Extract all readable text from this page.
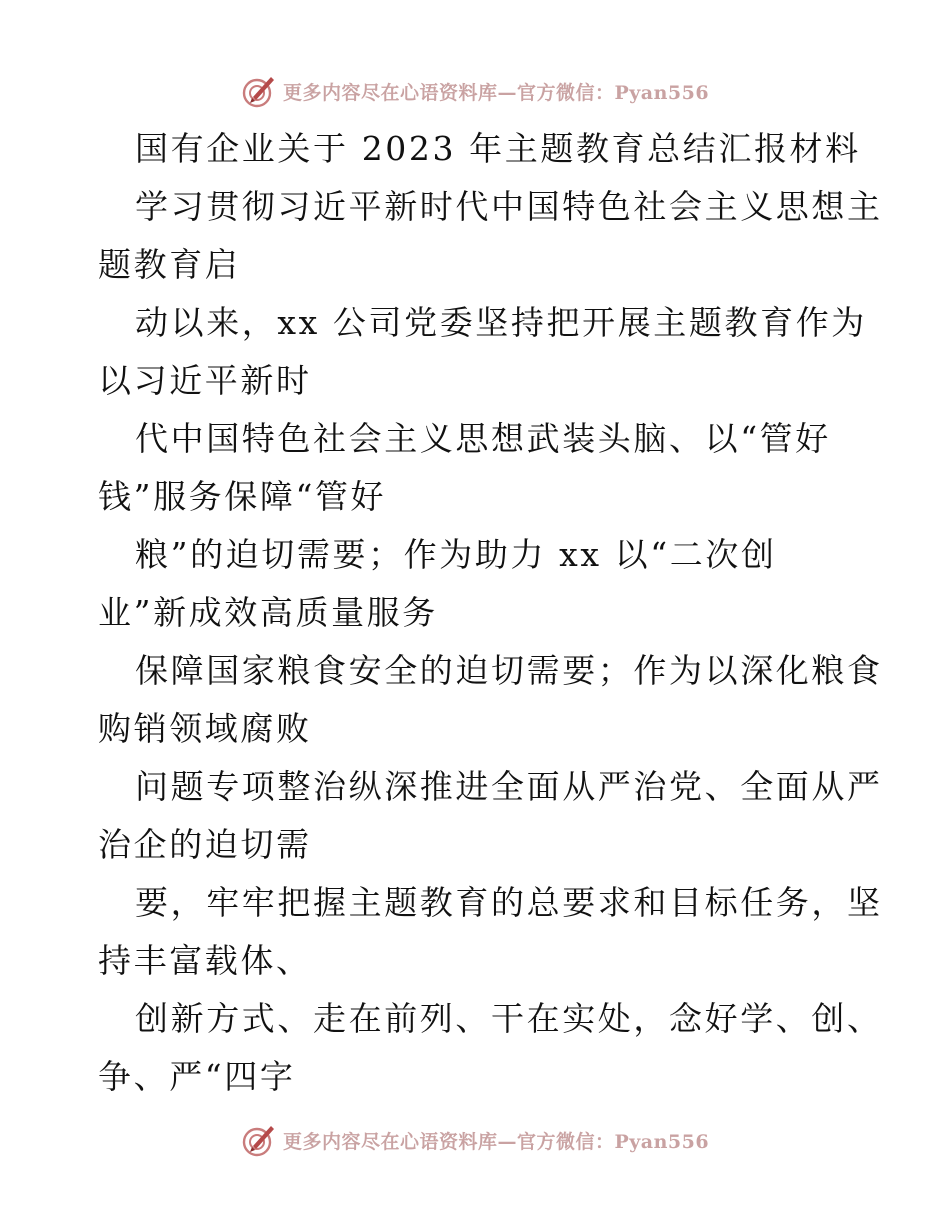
更多内容尽在心语资料库—官方微信：Pyan556
国有企业关于 2023 年主题教育总结汇报材料
学习贯彻习近平新时代中国特色社会主义思想主
题教育启
动以来，xx 公司党委坚持把开展主题教育作为
以习近平新时
代中国特色社会主义思想武装头脑、以“管好
钱”服务保障“管好
粮”的迫切需要；作为助力 xx 以“二次创
业”新成效高质量服务
保障国家粮食安全的迫切需要；作为以深化粮食
购销领域腐败
问题专项整治纵深推进全面从严治党、全面从严
治企的迫切需
要，牢牢把握主题教育的总要求和目标任务，坚
持丰富载体、
创新方式、走在前列、干在实处，念好学、创、
争、严“四字
更多内容尽在心语资料库—官方微信：Pyan556
